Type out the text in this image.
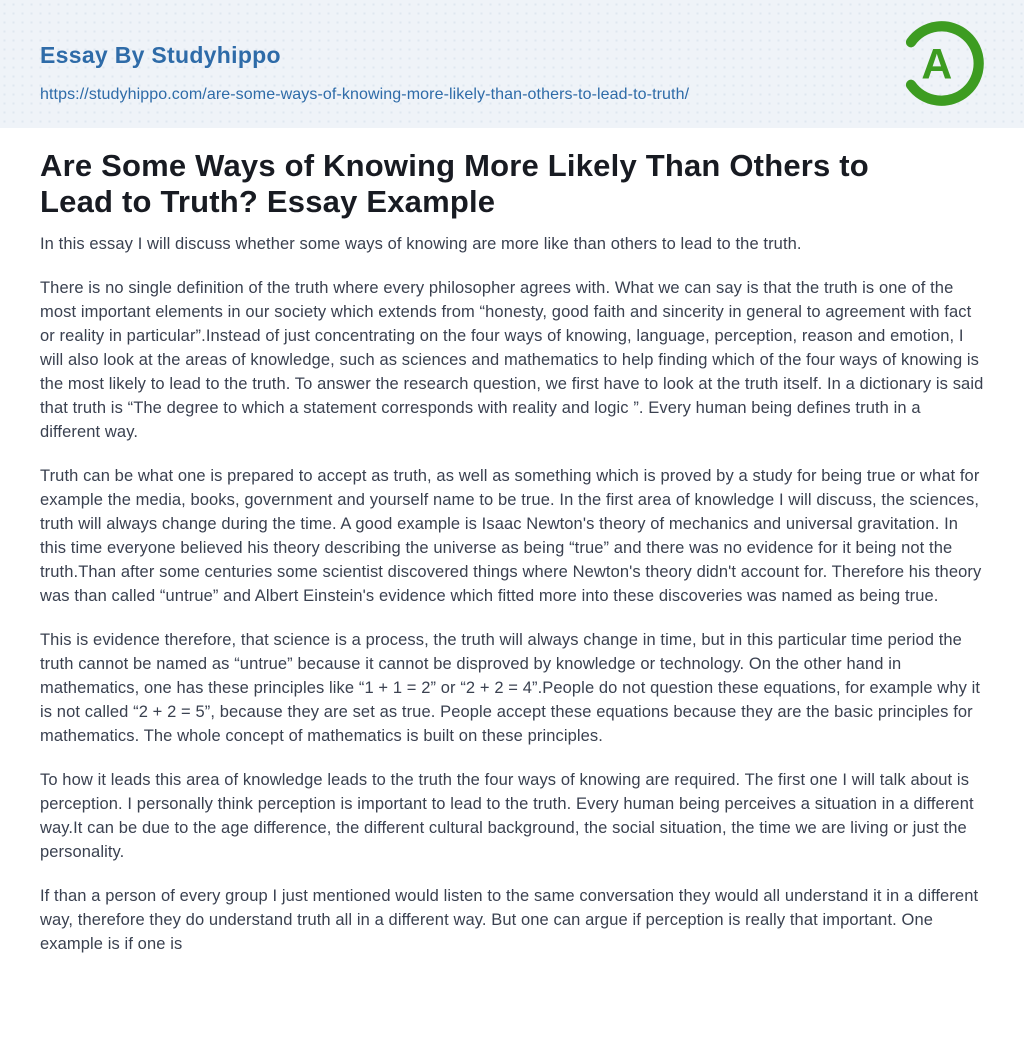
Essay By Studyhippo
https://studyhippo.com/are-some-ways-of-knowing-more-likely-than-others-to-lead-to-truth/
A
Are Some Ways of Knowing More Likely Than Others to Lead to Truth? Essay Example

In this essay I will discuss whether some ways of knowing are more like than others to lead to the truth.

There is no single definition of the truth where every philosopher agrees with. What we can say is that the truth is one of the most important elements in our society which extends from “honesty, good faith and sincerity in general to agreement with fact or reality in particular”.Instead of just concentrating on the four ways of knowing, language, perception, reason and emotion, I will also look at the areas of knowledge, such as sciences and mathematics to help finding which of the four ways of knowing is the most likely to lead to the truth. To answer the research question, we first have to look at the truth itself. In a dictionary is said that truth is “The degree to which a statement corresponds with reality and logic ”. Every human being defines truth in a different way.

Truth can be what one is prepared to accept as truth, as well as something which is proved by a study for being true or what for example the media, books, government and yourself name to be true. In the first area of knowledge I will discuss, the sciences, truth will always change during the time. A good example is Isaac Newton's theory of mechanics and universal gravitation. In this time everyone believed his theory describing the universe as being “true” and there was no evidence for it being not the truth.Than after some centuries some scientist discovered things where Newton's theory didn't account for. Therefore his theory was than called “untrue” and Albert Einstein's evidence which fitted more into these discoveries was named as being true.

This is evidence therefore, that science is a process, the truth will always change in time, but in this particular time period the truth cannot be named as “untrue” because it cannot be disproved by knowledge or technology. On the other hand in mathematics, one has these principles like “1 + 1 = 2” or “2 + 2 = 4”.People do not question these equations, for example why it is not called “2 + 2 = 5”, because they are set as true. People accept these equations because they are the basic principles for mathematics. The whole concept of mathematics is built on these principles.

To how it leads this area of knowledge leads to the truth the four ways of knowing are required. The first one I will talk about is perception. I personally think perception is important to lead to the truth. Every human being perceives a situation in a different way.It can be due to the age difference, the different cultural background, the social situation, the time we are living or just the personality.

If than a person of every group I just mentioned would listen to the same conversation they would all understand it in a different way, therefore they do understand truth all in a different way. But one can argue if perception is really that important. One example is if one is
